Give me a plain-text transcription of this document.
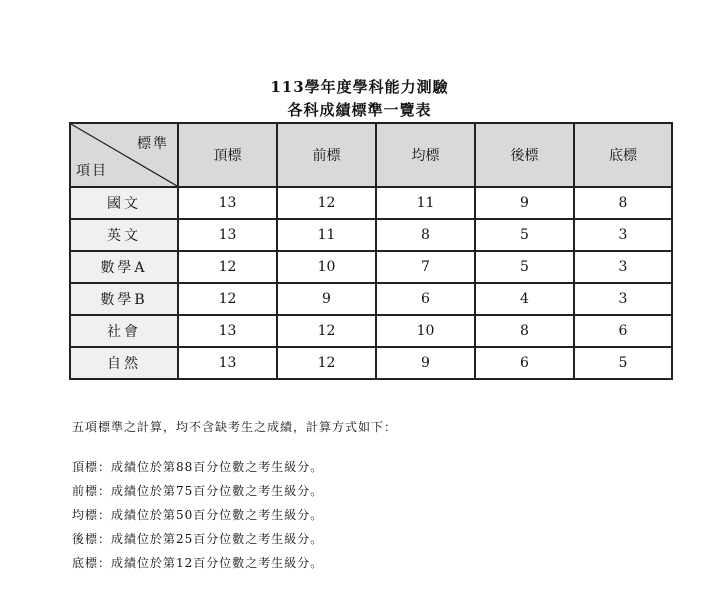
113學年度學科能力測驗
各科成績標準一覽表
標準
項目	頂標	前標	均標	後標	底標
國文	13	12	11	9	8
英文	13	11	8	5	3
數學A	12	10	7	5	3
數學B	12	9	6	4	3
社會	13	12	10	8	6
自然	13	12	9	6	5
五項標準之計算，均不含缺考生之成績，計算方式如下：
頂標：成績位於第88百分位數之考生級分。
前標：成績位於第75百分位數之考生級分。
均標：成績位於第50百分位數之考生級分。
後標：成績位於第25百分位數之考生級分。
底標：成績位於第12百分位數之考生級分。
